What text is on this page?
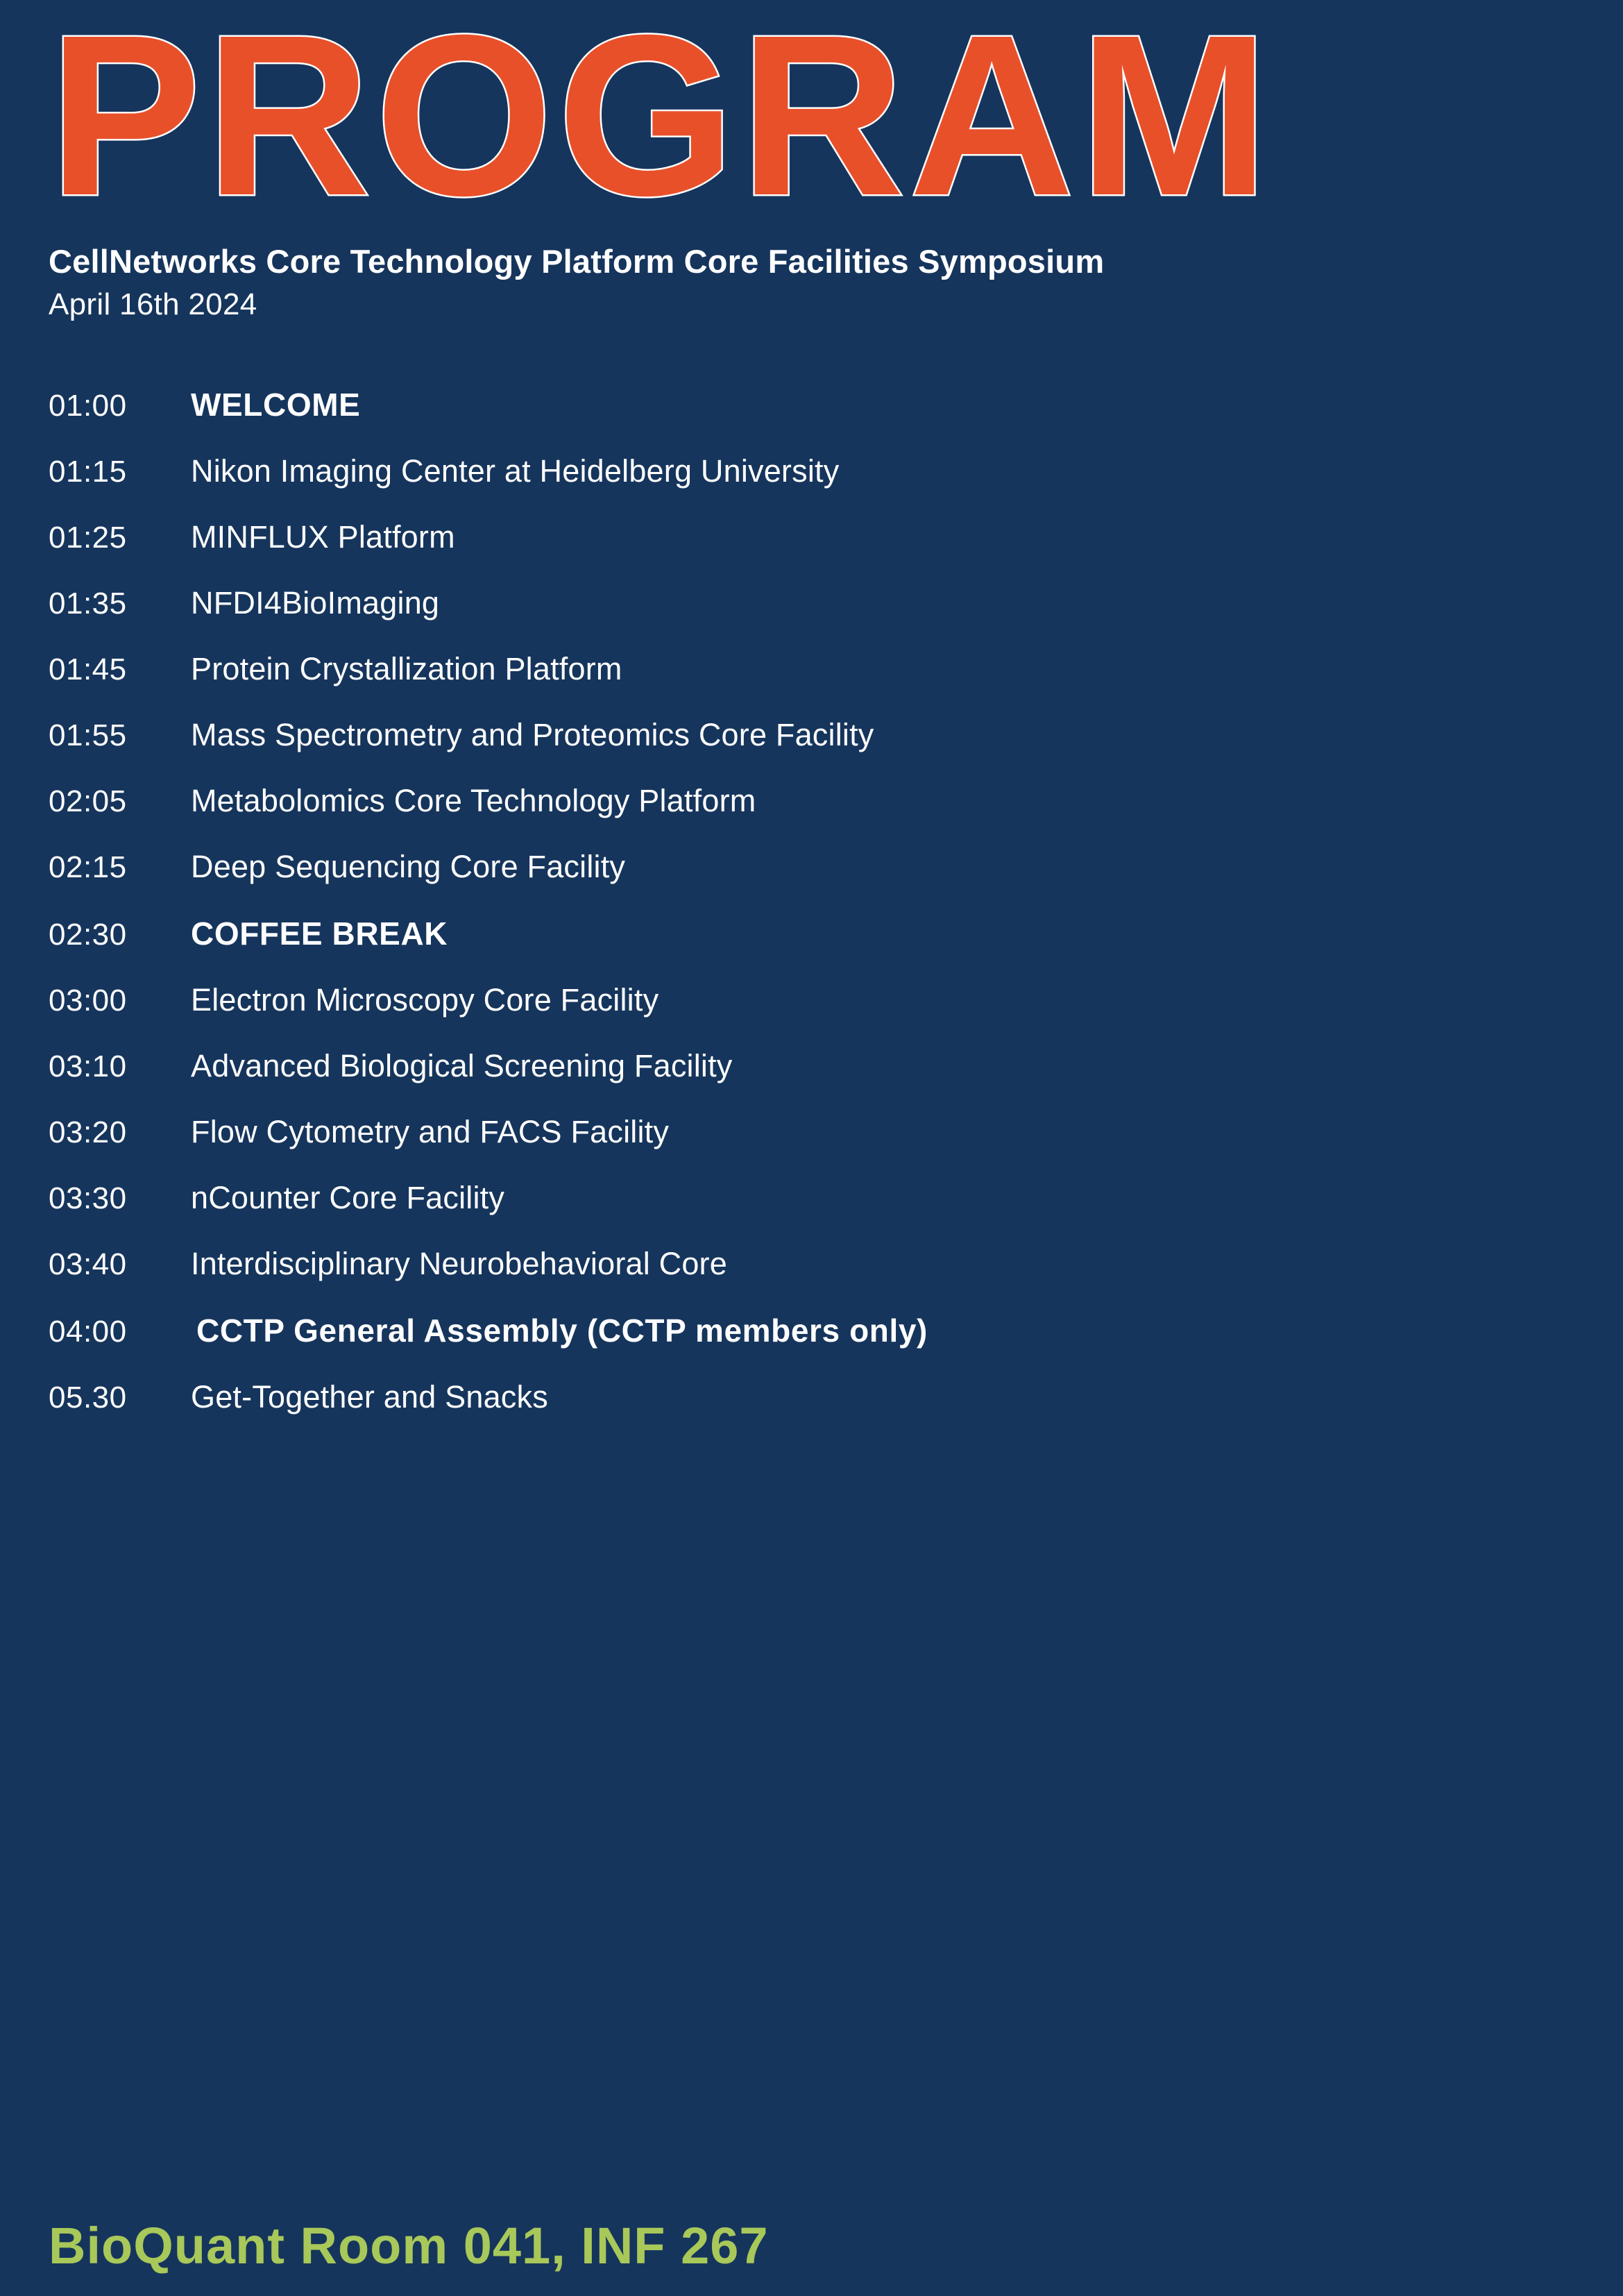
PROGRAM
CellNetworks Core Technology Platform Core Facilities Symposium
April 16th 2024
01:00	WELCOME
01:15	Nikon Imaging Center at Heidelberg University
01:25	MINFLUX Platform
01:35	NFDI4BioImaging
01:45	Protein Crystallization Platform
01:55	Mass Spectrometry and Proteomics Core Facility
02:05	Metabolomics Core Technology Platform
02:15	Deep Sequencing Core Facility
02:30	COFFEE BREAK
03:00	Electron Microscopy Core Facility
03:10	Advanced Biological Screening Facility
03:20	Flow Cytometry and FACS Facility
03:30	nCounter Core Facility
03:40	Interdisciplinary Neurobehavioral Core
04:00	CCTP General Assembly (CCTP members only)
05.30	Get-Together and Snacks
BioQuant Room 041, INF 267
